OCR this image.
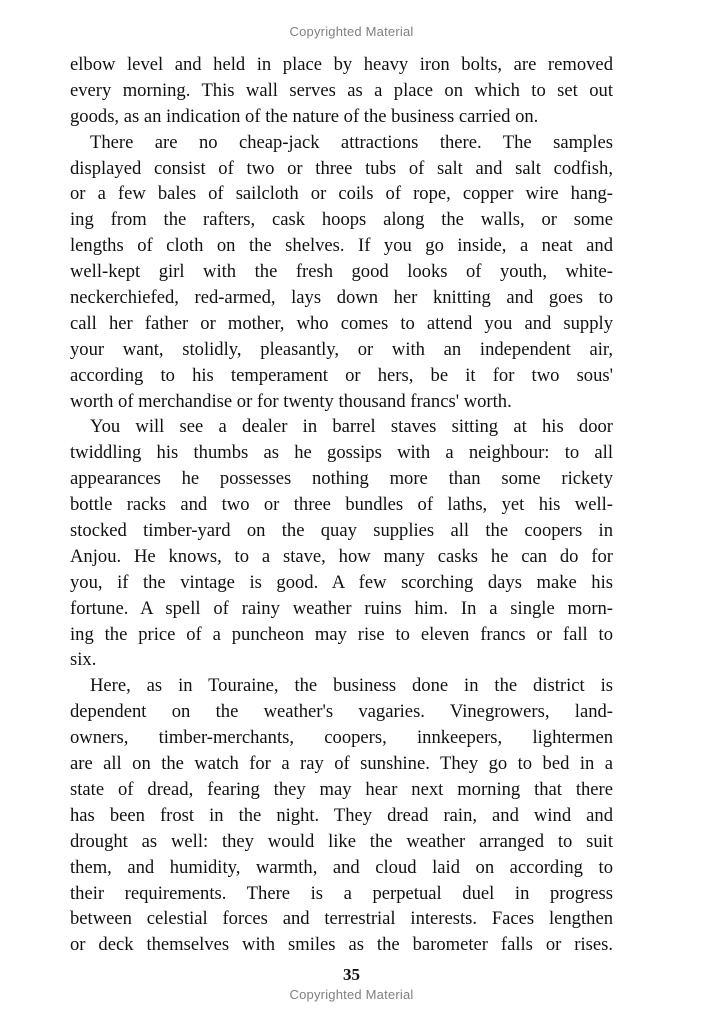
Copyrighted Material
elbow level and held in place by heavy iron bolts, are removed
every morning. This wall serves as a place on which to set out
goods, as an indication of the nature of the business carried on.
There are no cheap-jack attractions there. The samples
displayed consist of two or three tubs of salt and salt codfish,
or a few bales of sailcloth or coils of rope, copper wire hang-
ing from the rafters, cask hoops along the walls, or some
lengths of cloth on the shelves. If you go inside, a neat and
well-kept girl with the fresh good looks of youth, white-
neckerchiefed, red-armed, lays down her knitting and goes to
call her father or mother, who comes to attend you and supply
your want, stolidly, pleasantly, or with an independent air,
according to his temperament or hers, be it for two sous'
worth of merchandise or for twenty thousand francs' worth.
You will see a dealer in barrel staves sitting at his door
twiddling his thumbs as he gossips with a neighbour: to all
appearances he possesses nothing more than some rickety
bottle racks and two or three bundles of laths, yet his well-
stocked timber-yard on the quay supplies all the coopers in
Anjou. He knows, to a stave, how many casks he can do for
you, if the vintage is good. A few scorching days make his
fortune. A spell of rainy weather ruins him. In a single morn-
ing the price of a puncheon may rise to eleven francs or fall to
six.
Here, as in Touraine, the business done in the district is
dependent on the weather's vagaries. Vinegrowers, land-
owners, timber-merchants, coopers, innkeepers, lightermen
are all on the watch for a ray of sunshine. They go to bed in a
state of dread, fearing they may hear next morning that there
has been frost in the night. They dread rain, and wind and
drought as well: they would like the weather arranged to suit
them, and humidity, warmth, and cloud laid on according to
their requirements. There is a perpetual duel in progress
between celestial forces and terrestrial interests. Faces lengthen
or deck themselves with smiles as the barometer falls or rises.
35
Copyrighted Material
